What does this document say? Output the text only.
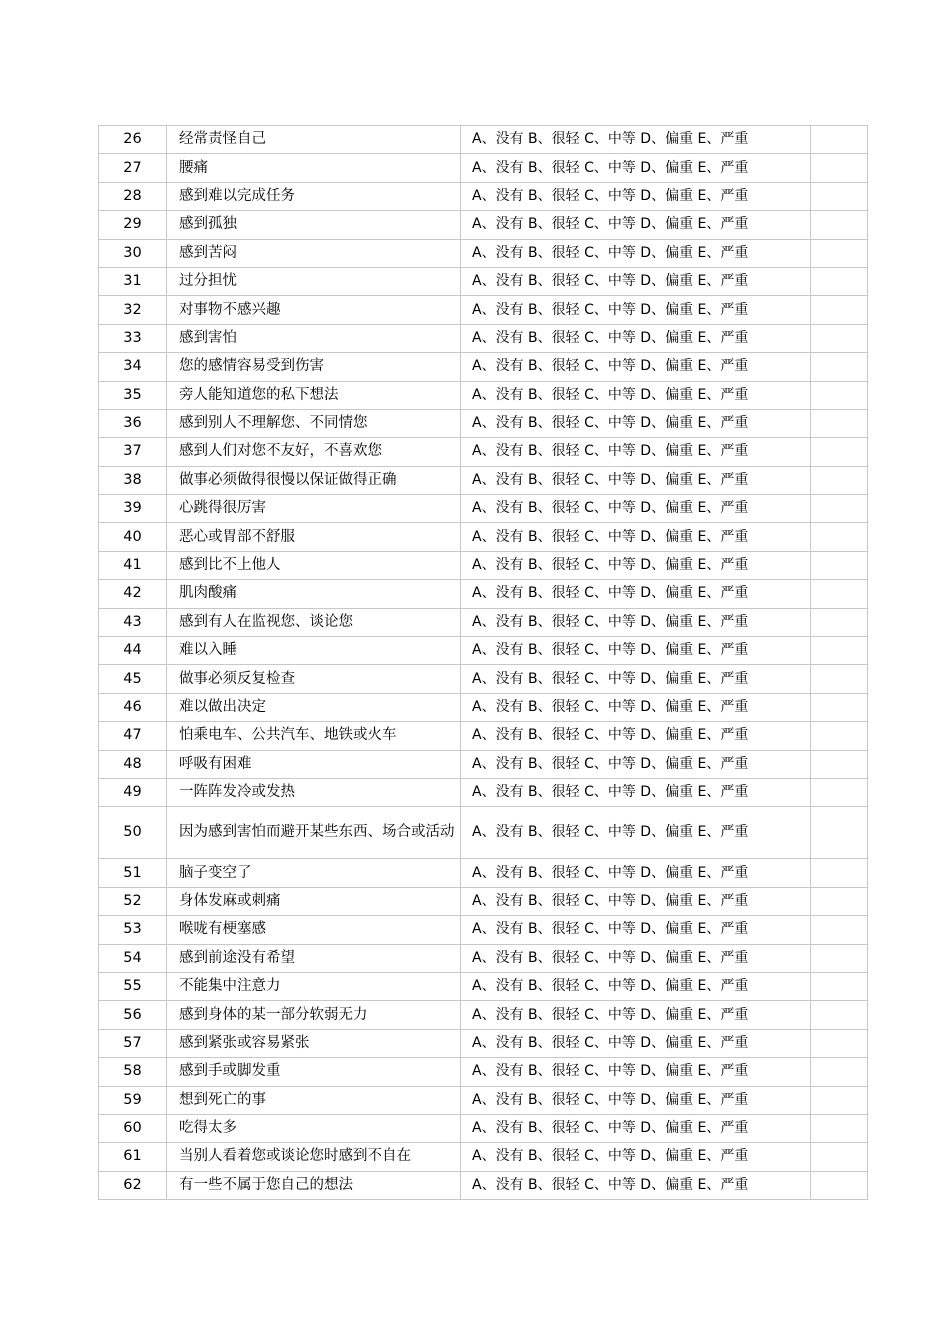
26	经常责怪自己	A、没有 B、很轻 C、中等 D、偏重 E、严重	
27	腰痛	A、没有 B、很轻 C、中等 D、偏重 E、严重	
28	感到难以完成任务	A、没有 B、很轻 C、中等 D、偏重 E、严重	
29	感到孤独	A、没有 B、很轻 C、中等 D、偏重 E、严重	
30	感到苦闷	A、没有 B、很轻 C、中等 D、偏重 E、严重	
31	过分担忧	A、没有 B、很轻 C、中等 D、偏重 E、严重	
32	对事物不感兴趣	A、没有 B、很轻 C、中等 D、偏重 E、严重	
33	感到害怕	A、没有 B、很轻 C、中等 D、偏重 E、严重	
34	您的感情容易受到伤害	A、没有 B、很轻 C、中等 D、偏重 E、严重	
35	旁人能知道您的私下想法	A、没有 B、很轻 C、中等 D、偏重 E、严重	
36	感到别人不理解您、不同情您	A、没有 B、很轻 C、中等 D、偏重 E、严重	
37	感到人们对您不友好，不喜欢您	A、没有 B、很轻 C、中等 D、偏重 E、严重	
38	做事必须做得很慢以保证做得正确	A、没有 B、很轻 C、中等 D、偏重 E、严重	
39	心跳得很厉害	A、没有 B、很轻 C、中等 D、偏重 E、严重	
40	恶心或胃部不舒服	A、没有 B、很轻 C、中等 D、偏重 E、严重	
41	感到比不上他人	A、没有 B、很轻 C、中等 D、偏重 E、严重	
42	肌肉酸痛	A、没有 B、很轻 C、中等 D、偏重 E、严重	
43	感到有人在监视您、谈论您	A、没有 B、很轻 C、中等 D、偏重 E、严重	
44	难以入睡	A、没有 B、很轻 C、中等 D、偏重 E、严重	
45	做事必须反复检查	A、没有 B、很轻 C、中等 D、偏重 E、严重	
46	难以做出决定	A、没有 B、很轻 C、中等 D、偏重 E、严重	
47	怕乘电车、公共汽车、地铁或火车	A、没有 B、很轻 C、中等 D、偏重 E、严重	
48	呼吸有困难	A、没有 B、很轻 C、中等 D、偏重 E、严重	
49	一阵阵发冷或发热	A、没有 B、很轻 C、中等 D、偏重 E、严重	
50	因为感到害怕而避开某些东西、场合或活动	A、没有 B、很轻 C、中等 D、偏重 E、严重	
51	脑子变空了	A、没有 B、很轻 C、中等 D、偏重 E、严重	
52	身体发麻或刺痛	A、没有 B、很轻 C、中等 D、偏重 E、严重	
53	喉咙有梗塞感	A、没有 B、很轻 C、中等 D、偏重 E、严重	
54	感到前途没有希望	A、没有 B、很轻 C、中等 D、偏重 E、严重	
55	不能集中注意力	A、没有 B、很轻 C、中等 D、偏重 E、严重	
56	感到身体的某一部分软弱无力	A、没有 B、很轻 C、中等 D、偏重 E、严重	
57	感到紧张或容易紧张	A、没有 B、很轻 C、中等 D、偏重 E、严重	
58	感到手或脚发重	A、没有 B、很轻 C、中等 D、偏重 E、严重	
59	想到死亡的事	A、没有 B、很轻 C、中等 D、偏重 E、严重	
60	吃得太多	A、没有 B、很轻 C、中等 D、偏重 E、严重	
61	当别人看着您或谈论您时感到不自在	A、没有 B、很轻 C、中等 D、偏重 E、严重	
62	有一些不属于您自己的想法	A、没有 B、很轻 C、中等 D、偏重 E、严重	
